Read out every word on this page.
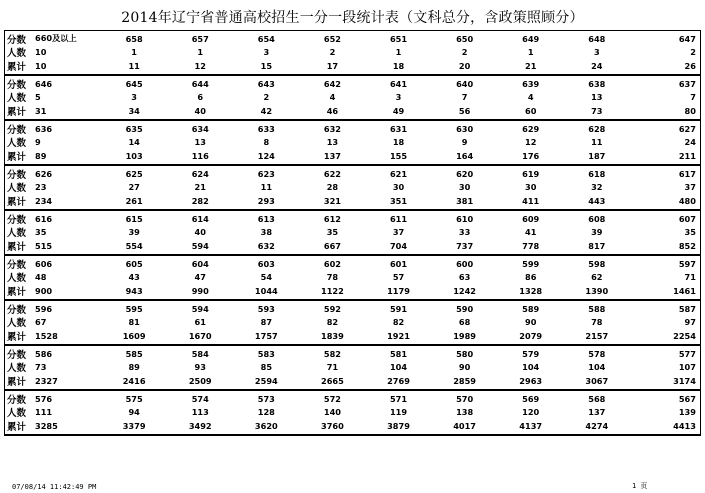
2014年辽宁省普通高校招生一分一段统计表（文科总分，含政策照顾分）
分数	660及以上	658	657	654	652	651	650	649	648	647
人数	10	1	1	3	2	1	2	1	3	2
累计	10	11	12	15	17	18	20	21	24	26
分数	646	645	644	643	642	641	640	639	638	637
人数	5	3	6	2	4	3	7	4	13	7
累计	31	34	40	42	46	49	56	60	73	80
分数	636	635	634	633	632	631	630	629	628	627
人数	9	14	13	8	13	18	9	12	11	24
累计	89	103	116	124	137	155	164	176	187	211
分数	626	625	624	623	622	621	620	619	618	617
人数	23	27	21	11	28	30	30	30	32	37
累计	234	261	282	293	321	351	381	411	443	480
分数	616	615	614	613	612	611	610	609	608	607
人数	35	39	40	38	35	37	33	41	39	35
累计	515	554	594	632	667	704	737	778	817	852
分数	606	605	604	603	602	601	600	599	598	597
人数	48	43	47	54	78	57	63	86	62	71
累计	900	943	990	1044	1122	1179	1242	1328	1390	1461
分数	596	595	594	593	592	591	590	589	588	587
人数	67	81	61	87	82	82	68	90	78	97
累计	1528	1609	1670	1757	1839	1921	1989	2079	2157	2254
分数	586	585	584	583	582	581	580	579	578	577
人数	73	89	93	85	71	104	90	104	104	107
累计	2327	2416	2509	2594	2665	2769	2859	2963	3067	3174
分数	576	575	574	573	572	571	570	569	568	567
人数	111	94	113	128	140	119	138	120	137	139
累计	3285	3379	3492	3620	3760	3879	4017	4137	4274	4413
07/08/14 11:42:49 PM	1 页
